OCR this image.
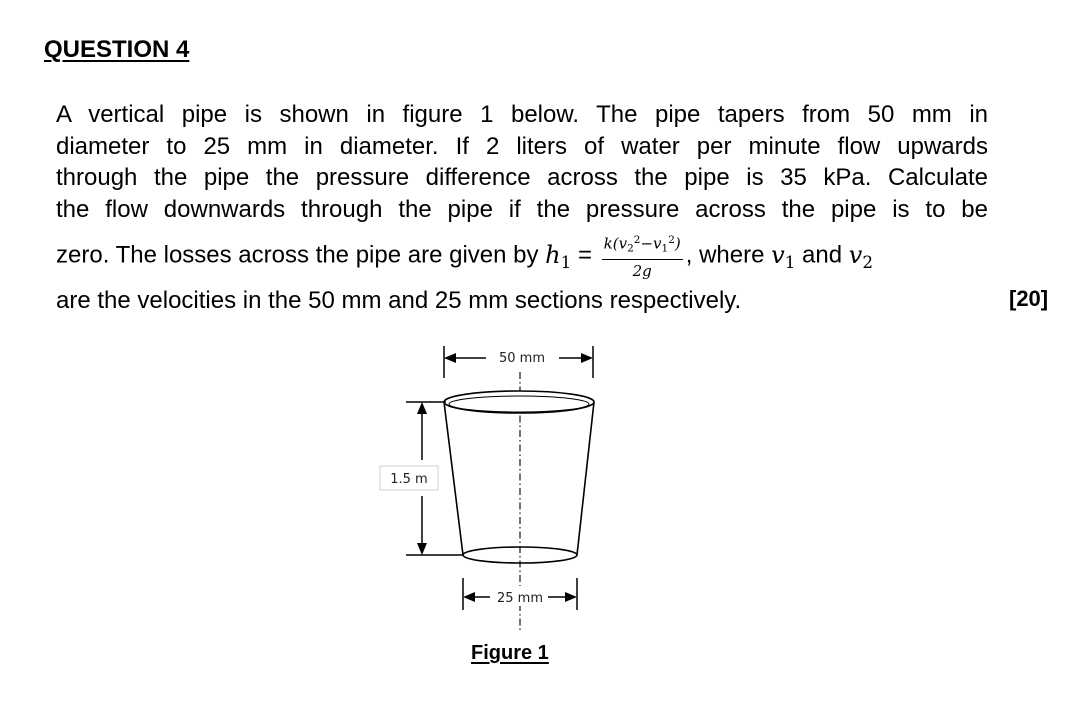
QUESTION 4
A vertical pipe is shown in figure 1 below. The pipe tapers from 50 mm in
diameter to 25 mm in diameter. If 2 liters of water per minute flow upwards
through the pipe the pressure difference across the pipe is 35 kPa. Calculate
the flow downwards through the pipe if the pressure across the pipe is to be
zero. The losses across the pipe are given by $h_1 = \frac{k(v_2^2-v_1^2)}{2g}$ , where $v_1$ and $v_2$
are the velocities in the 50 mm and 25 mm sections respectively.	[20]
50 mm
1.5 m
25 mm
Figure 1
